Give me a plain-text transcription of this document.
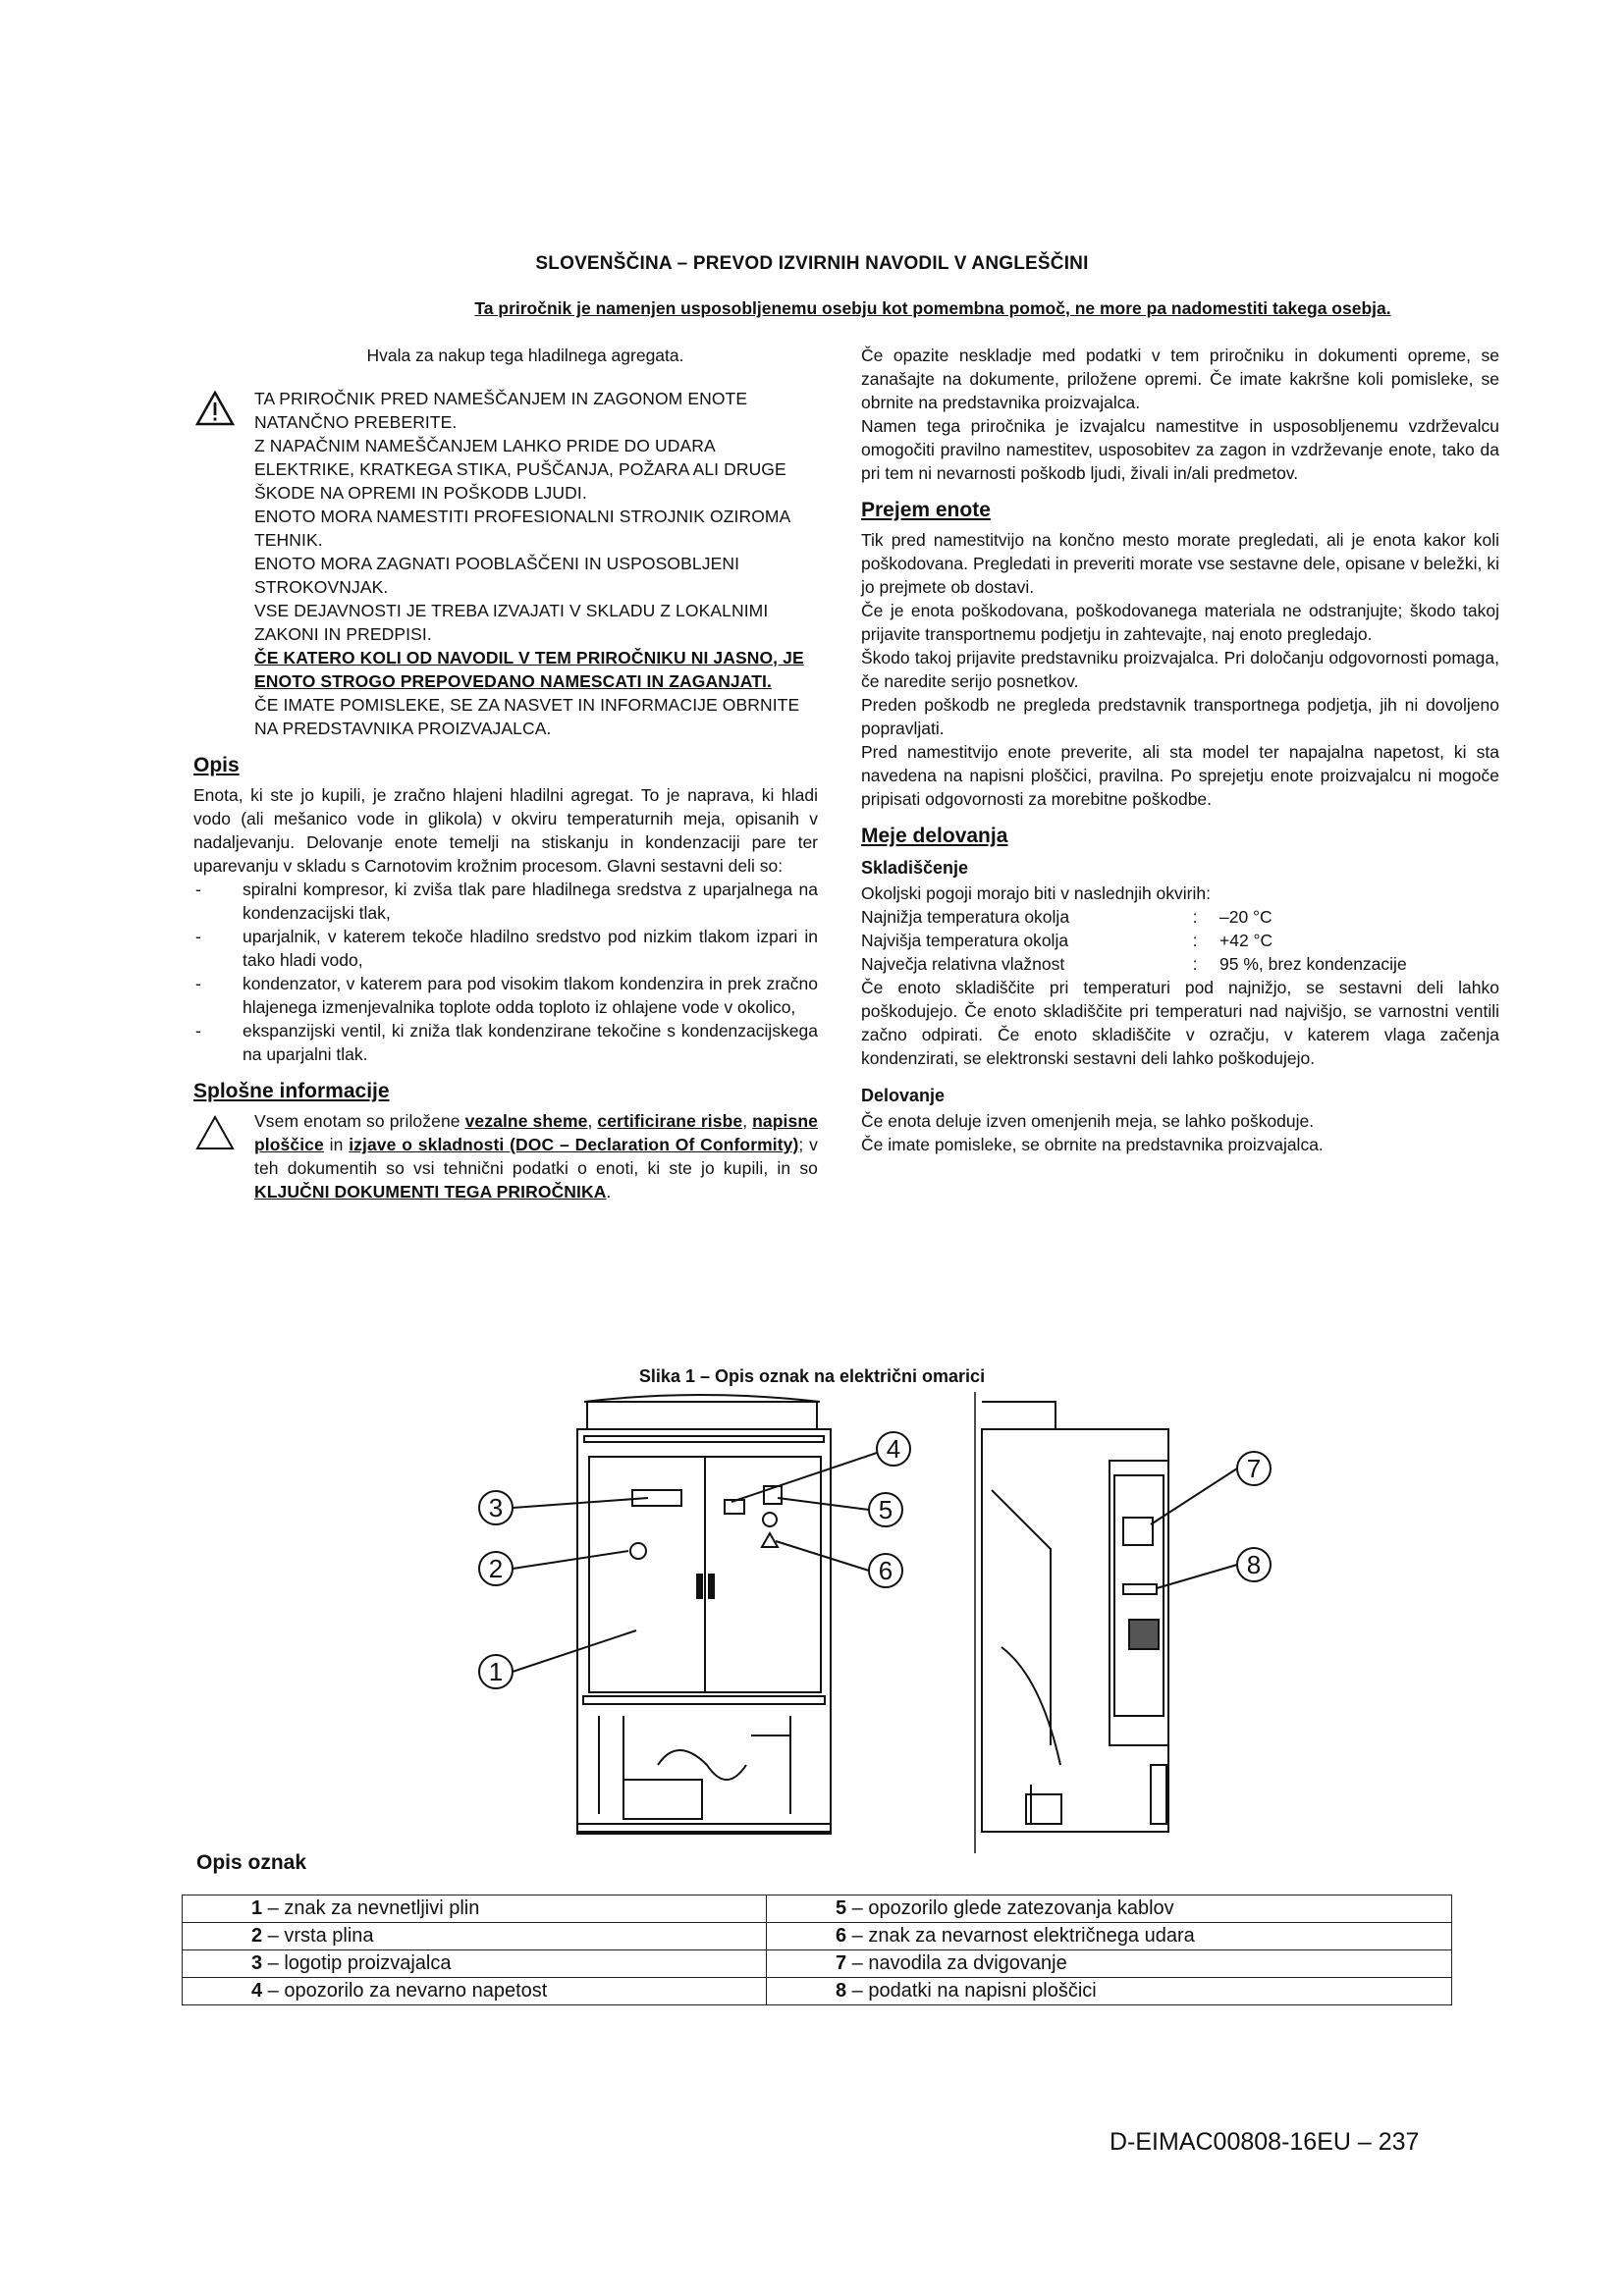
SLOVENŠČINA – PREVOD IZVIRNIH NAVODIL V ANGLEŠČINI
Ta priročnik je namenjen usposobljenemu osebju kot pomembna pomoč, ne more pa nadomestiti takega osebja.

Hvala za nakup tega hladilnega agregata.

TA PRIROČNIK PRED NAMEŠČANJEM IN ZAGONOM ENOTE NATANČNO PREBERITE.

Z NAPAČNIM NAMEŠČANJEM LAHKO PRIDE DO UDARA ELEKTRIKE, KRATKEGA STIKA, PUŠČANJA, POŽARA ALI DRUGE ŠKODE NA OPREMI IN POŠKODB LJUDI.

ENOTO MORA NAMESTITI PROFESIONALNI STROJNIK OZIROMA TEHNIK.

ENOTO MORA ZAGNATI POOBLAŠČENI IN USPOSOBLJENI STROKOVNJAK.

VSE DEJAVNOSTI JE TREBA IZVAJATI V SKLADU Z LOKALNIMI ZAKONI IN PREDPISI.

ČE KATERO KOLI OD NAVODIL V TEM PRIROČNIKU NI JASNO, JE ENOTO STROGO PREPOVEDANO NAMESCATI IN ZAGANJATI.

ČE IMATE POMISLEKE, SE ZA NASVET IN INFORMACIJE OBRNITE NA PREDSTAVNIKA PROIZVAJALCA.

Opis

Enota, ki ste jo kupili, je zračno hlajeni hladilni agregat. To je naprava, ki hladi vodo (ali mešanico vode in glikola) v okviru temperaturnih meja, opisanih v nadaljevanju. Delovanje enote temelji na stiskanju in kondenzaciji pare ter uparevanju v skladu s Carnotovim krožnim procesom. Glavni sestavni deli so:

- spiralni kompresor, ki zviša tlak pare hladilnega sredstva z uparjalnega na kondenzacijski tlak,
- uparjalnik, v katerem tekoče hladilno sredstvo pod nizkim tlakom izpari in tako hladi vodo,
- kondenzator, v katerem para pod visokim tlakom kondenzira in prek zračno hlajenega izmenjevalnika toplote odda toploto iz ohlajene vode v okolico,
- ekspanzijski ventil, ki zniža tlak kondenzirane tekočine s kondenzacijskega na uparjalni tlak.
Splošne informacije

Vsem enotam so priložene vezalne sheme, certificirane risbe, napisne ploščice in izjave o skladnosti (DOC – Declaration Of Conformity); v teh dokumentih so vsi tehnični podatki o enoti, ki ste jo kupili, in so KLJUČNI DOKUMENTI TEGA PRIROČNIKA.

Če opazite neskladje med podatki v tem priročniku in dokumenti opreme, se zanašajte na dokumente, priložene opremi. Če imate kakršne koli pomisleke, se obrnite na predstavnika proizvajalca.

Namen tega priročnika je izvajalcu namestitve in usposobljenemu vzdrževalcu omogočiti pravilno namestitev, usposobitev za zagon in vzdrževanje enote, tako da pri tem ni nevarnosti poškodb ljudi, živali in/ali predmetov.

Prejem enote

Tik pred namestitvijo na končno mesto morate pregledati, ali je enota kakor koli poškodovana. Pregledati in preveriti morate vse sestavne dele, opisane v beležki, ki jo prejmete ob dostavi.

Če je enota poškodovana, poškodovanega materiala ne odstranjujte; škodo takoj prijavite transportnemu podjetju in zahtevajte, naj enoto pregledajo.

Škodo takoj prijavite predstavniku proizvajalca. Pri določanju odgovornosti pomaga, če naredite serijo posnetkov.

Preden poškodb ne pregleda predstavnik transportnega podjetja, jih ni dovoljeno popravljati.

Pred namestitvijo enote preverite, ali sta model ter napajalna napetost, ki sta navedena na napisni ploščici, pravilna. Po sprejetju enote proizvajalcu ni mogoče pripisati odgovornosti za morebitne poškodbe.

Meje delovanja
Skladiščenje

Okoljski pogoji morajo biti v naslednjih okvirih:

Najnižja temperatura okolja	:	–20 °C
Najvišja temperatura okolja	:	+42 °C
Največja relativna vlažnost	:	95 %, brez kondenzacije

Če enoto skladiščite pri temperaturi pod najnižjo, se sestavni deli lahko poškodujejo. Če enoto skladiščite pri temperaturi nad najvišjo, se varnostni ventili začno odpirati. Če enoto skladiščite v ozračju, v katerem vlaga začenja kondenzirati, se elektronski sestavni deli lahko poškodujejo.

Delovanje

Če enota deluje izven omenjenih meja, se lahko poškoduje.

Če imate pomisleke, se obrnite na predstavnika proizvajalca.

Slika 1 – Opis oznak na električni omarici
1
2
3
4
5
6
7
8
Opis oznak
1 – znak za nevnetljivi plin	5 – opozorilo glede zatezovanja kablov
2 – vrsta plina	6 – znak za nevarnost električnega udara
3 – logotip proizvajalca	7 – navodila za dvigovanje
4 – opozorilo za nevarno napetost	8 – podatki na napisni ploščici
D-EIMAC00808-16EU – 237
